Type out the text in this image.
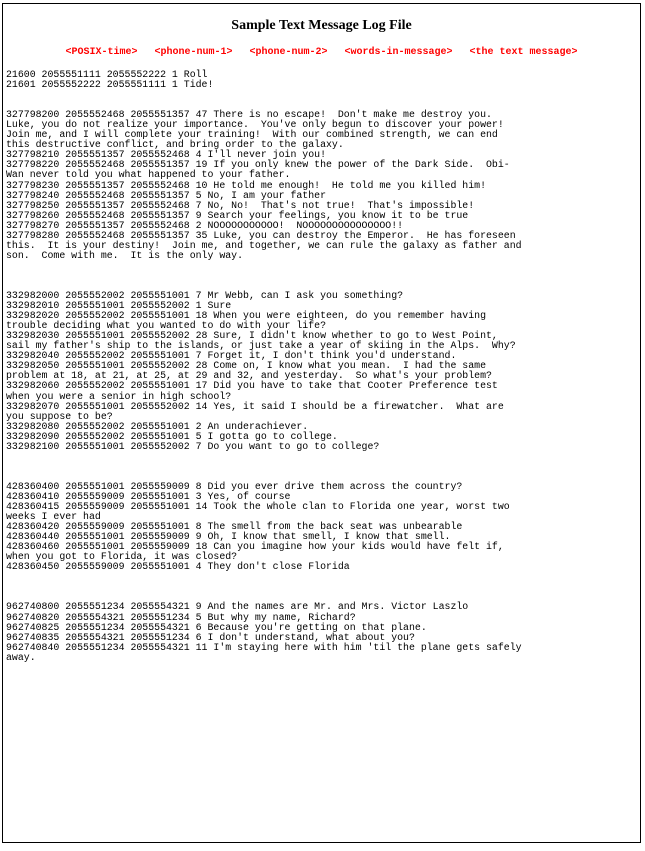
Sample Text Message Log File
<POSIX-time> <phone-num-1> <phone-num-2> <words-in-message> <the text message>
21600 2055551111 2055552222 1 Roll
21601 2055552222 2055551111 1 Tide!
327798200 2055552468 2055551357 47 There is no escape!  Don't make me destroy you.
Luke, you do not realize your importance.  You've only begun to discover your power!
Join me, and I will complete your training!  With our combined strength, we can end
this destructive conflict, and bring order to the galaxy.
327798210 2055551357 2055552468 4 I'll never join you!
327798220 2055552468 2055551357 19 If you only knew the power of the Dark Side.  Obi-
Wan never told you what happened to your father.
327798230 2055551357 2055552468 10 He told me enough!  He told me you killed him!
327798240 2055552468 2055551357 5 No, I am your father
327798250 2055551357 2055552468 7 No, No!  That's not true!  That's impossible!
327798260 2055552468 2055551357 9 Search your feelings, you know it to be true
327798270 2055551357 2055552468 2 NOOOOOOOOOOO!  NOOOOOOOOOOOOOOO!!
327798280 2055552468 2055551357 35 Luke, you can destroy the Emperor.  He has foreseen
this.  It is your destiny!  Join me, and together, we can rule the galaxy as father and
son.  Come with me.  It is the only way.
332982000 2055552002 2055551001 7 Mr Webb, can I ask you something?
332982010 2055551001 2055552002 1 Sure
332982020 2055552002 2055551001 18 When you were eighteen, do you remember having
trouble deciding what you wanted to do with your life?
332982030 2055551001 2055552002 28 Sure, I didn't know whether to go to West Point,
sail my father's ship to the islands, or just take a year of skiing in the Alps.  Why?
332982040 2055552002 2055551001 7 Forget it, I don't think you'd understand.
332982050 2055551001 2055552002 28 Come on, I know what you mean.  I had the same
problem at 18, at 21, at 25, at 29 and 32, and yesterday.  So what's your problem?
332982060 2055552002 2055551001 17 Did you have to take that Cooter Preference test
when you were a senior in high school?
332982070 2055551001 2055552002 14 Yes, it said I should be a firewatcher.  What are
you suppose to be?
332982080 2055552002 2055551001 2 An underachiever.
332982090 2055552002 2055551001 5 I gotta go to college.
332982100 2055551001 2055552002 7 Do you want to go to college?
428360400 2055551001 2055559009 8 Did you ever drive them across the country?
428360410 2055559009 2055551001 3 Yes, of course
428360415 2055559009 2055551001 14 Took the whole clan to Florida one year, worst two
weeks I ever had
428360420 2055559009 2055551001 8 The smell from the back seat was unbearable
428360440 2055551001 2055559009 9 Oh, I know that smell, I know that smell.
428360460 2055551001 2055559009 18 Can you imagine how your kids would have felt if,
when you got to Florida, it was closed?
428360450 2055559009 2055551001 4 They don't close Florida
962740800 2055551234 2055554321 9 And the names are Mr. and Mrs. Victor Laszlo
962740820 2055554321 2055551234 5 But why my name, Richard?
962740825 2055551234 2055554321 6 Because you're getting on that plane.
962740835 2055554321 2055551234 6 I don't understand, what about you?
962740840 2055551234 2055554321 11 I'm staying here with him 'til the plane gets safely
away.
